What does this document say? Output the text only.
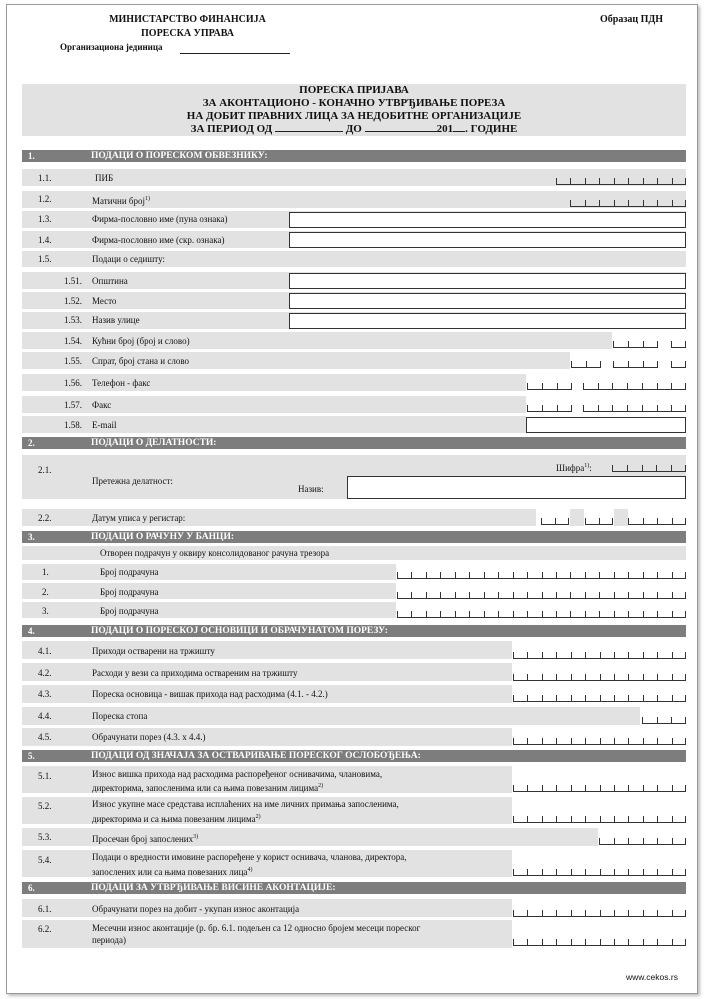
МИНИСТАРСТВО ФИНАНСИЈА
ПОРЕСКА УПРАВА
Организациона јединица
Образац ПДН
ПОРЕСКА ПРИЈАВА
ЗА АКОНТАЦИОНО - КОНАЧНО УТВРЂИВАЊЕ ПОРЕЗА
НА ДОБИТ ПРАВНИХ ЛИЦА ЗА НЕДОБИТНЕ ОРГАНИЗАЦИЈЕ
ЗА ПЕРИОД ОД	ДО	201 . ГОДИНЕ
1.	ПОДАЦИ О ПОРЕСКОМ ОБВЕЗНИКУ:
1.1.	ПИБ
1.2.	Матични број$^{1)}$
1.3.	Фирма-пословно име (пуна ознака)
1.4.	Фирма-пословно име (скр. ознака)
1.5.	Подаци о седишту:
1.51. Општина
1.52. Место
1.53. Назив улице
1.54. Кућни број (број и слово)
1.55. Спрат, број стана и слово
1.56. Телефон - факс
1.57. Факс
1.58. E-mail
2.	ПОДАЦИ О ДЕЛАТНОСТИ:
2.1.
Претежна делатност:
Шифра$^{1)}$:
Назив:
2.2.	Датум уписа у регистар:
3.	ПОДАЦИ О РАЧУНУ У БАНЦИ:
Отворен подрачун у оквиру консолидованог рачуна трезора
1.	Број подрачуна
2.	Број подрачуна
3.	Број подрачуна
4.	ПОДАЦИ О ПОРЕСКОЈ ОСНОВИЦИ И ОБРАЧУНАТОМ ПОРЕЗУ:
4.1.	Приходи остварени на тржишту
4.2.	Расходи у вези са приходима оствареним на тржишту
4.3.	Пореска основица - вишак прихода над расходима (4.1. - 4.2.)
4.4.	Пореска стопа
4.5.	Обрачунати порез (4.3. x 4.4.)
5.	ПОДАЦИ ОД ЗНАЧАЈА ЗА ОСТВАРИВАЊЕ ПОРЕСКОГ ОСЛОБОЂЕЊА:
5.1.	Износ вишка прихода над расходима распоређеног оснивачима, члановима,
директорима, запосленима или са њима повезаним лицима$^{2)}$
5.2.	Износ укупне масе средстава исплаћених на име личних примања запосленима,
директорима и са њима повезаним лицима$^{2)}$
5.3.	Просечан број запослених$^{3)}$
5.4.	Подаци о вредности имовине распоређене у корист оснивача, чланова, директора,
запослених или са њима повезаних лица$^{4)}$
6.	ПОДАЦИ ЗА УТВРЂИВАЊЕ ВИСИНЕ АКОНТАЦИЈЕ:
6.1.	Обрачунати порез на добит - укупан износ аконтација
6.2.	Месечни износ аконтације (р. бр. 6.1. подељен са 12 односно бројем месеци пореског
периода)
www.cekos.rs
